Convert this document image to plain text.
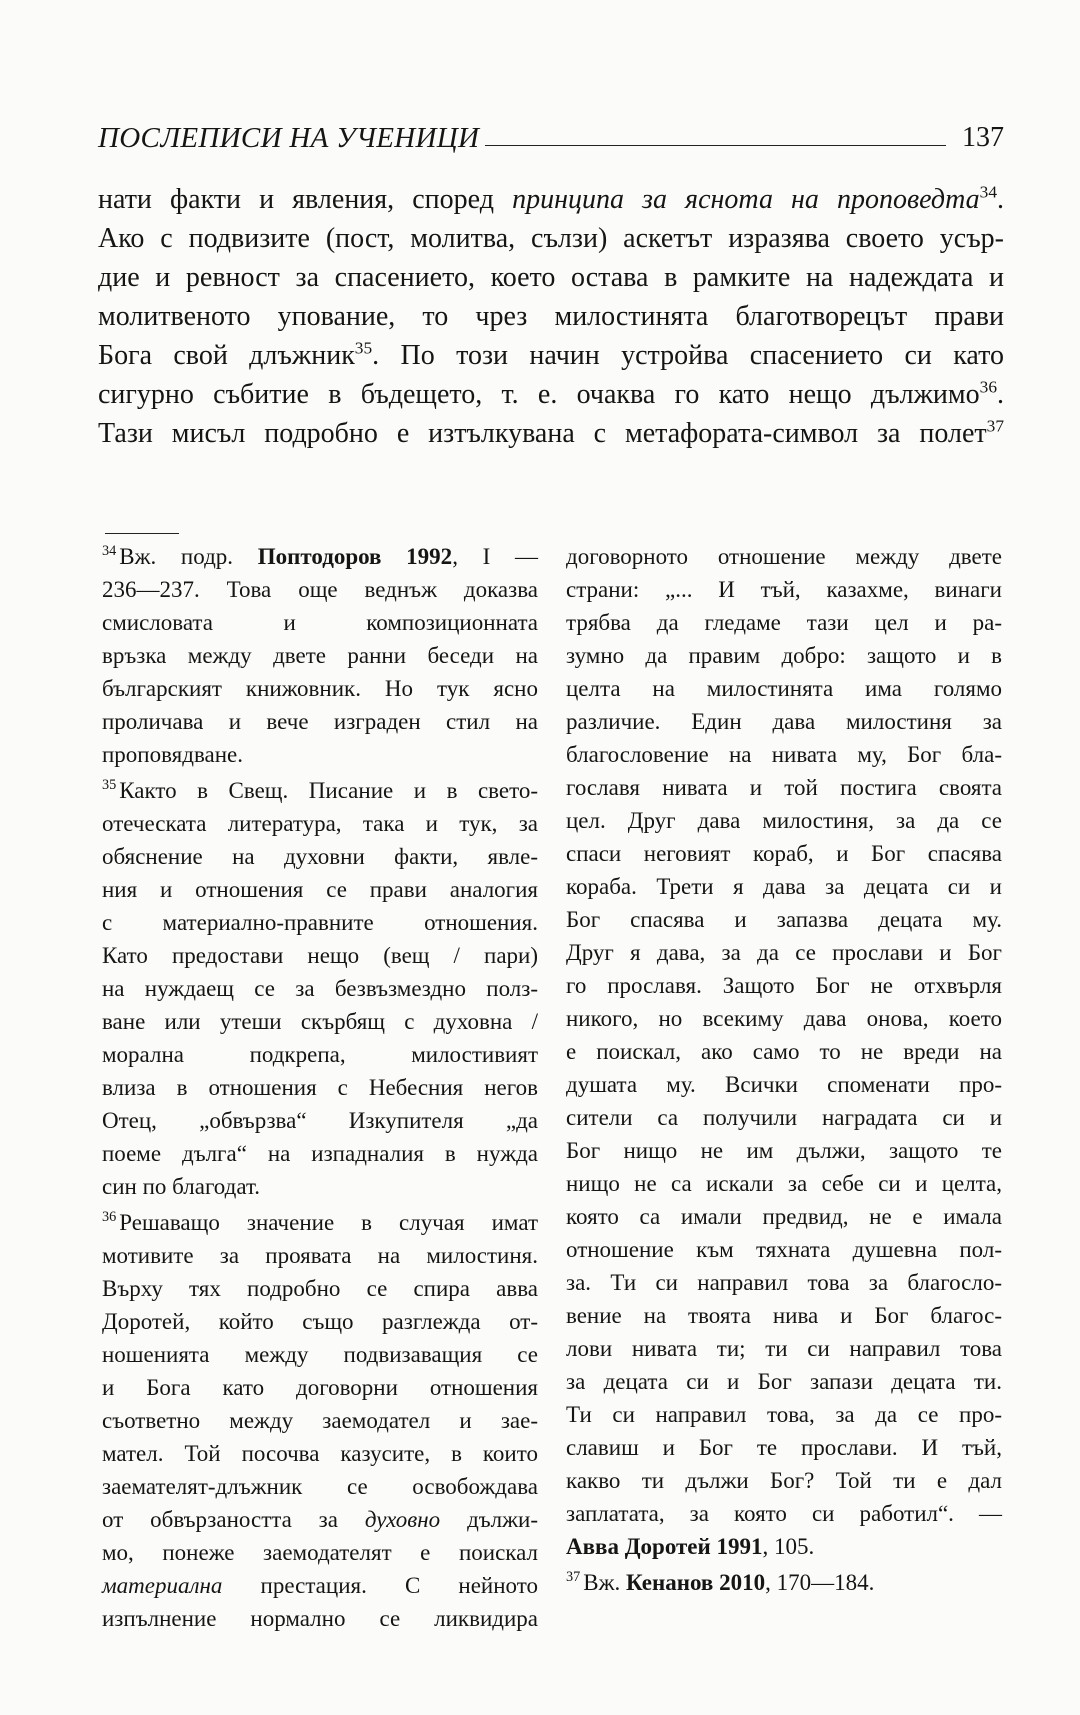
ПОСЛЕПИСИ НА УЧЕНИЦИ	137
нати факти и явления, според принципа за яснота на проповедта$^{34}$.
Ако с подвизите (пост, молитва, сълзи) аскетът изразява своето усър-
дие и ревност за спасението, което остава в рамките на надеждата и
молитвеното упование, то чрез милостинята благотворецът прави
Бога свой длъжник$^{35}$. По този начин устройва спасението си като
сигурно събитие в бъдещето, т. е. очаква го като нещо дължимо$^{36}$.
Тази мисъл подробно е изтълкувана с метафората-символ за полет$^{37}$
$^{34}$ Вж. подр. Поптодоров 1992, I —
236—237. Това още веднъж доказва
смисловата и композиционната
връзка между двете ранни беседи на
българският книжовник. Но тук ясно
проличава и вече изграден стил на
проповядване.
$^{35}$ Както в Свещ. Писание и в свето-
отеческата литература, така и тук, за
обяснение на духовни факти, явле-
ния и отношения се прави аналогия
с материално-правните отношения.
Като предостави нещо (вещ / пари)
на нуждаещ се за безвъзмездно полз-
ване или утеши скърбящ с духовна /
морална подкрепа, милостивият
влиза в отношения с Небесния негов
Отец, „обвързва“ Изкупителя „да
поеме дълга“ на изпадналия в нужда
син по благодат.
$^{36}$ Решаващо значение в случая имат
мотивите за проявата на милостиня.
Върху тях подробно се спира авва
Доротей, който също разглежда от-
ношенията между подвизаващия се
и Бога като договорни отношения
съответно между заемодател и зае-
мател. Той посочва казусите, в които
заемателят-длъжник се освобождава
от обвързаността за духовно дължи-
мо, понеже заемодателят е поискал
материална престация. С нейното
изпълнение нормално се ликвидира
договорното отношение между двете
страни: „... И тъй, казахме, винаги
трябва да гледаме тази цел и ра-
зумно да правим добро: защото и в
целта на милостинята има голямо
различие. Един дава милостиня за
благословение на нивата му, Бог бла-
гославя нивата и той постига своята
цел. Друг дава милостиня, за да се
спаси неговият кораб, и Бог спасява
кораба. Трети я дава за децата си и
Бог спасява и запазва децата му.
Друг я дава, за да се прослави и Бог
го прославя. Защото Бог не отхвърля
никого, но всекиму дава онова, което
е поискал, ако само то не вреди на
душата му. Всички споменати про-
сители са получили наградата си и
Бог нищо не им дължи, защото те
нищо не са искали за себе си и целта,
която са имали предвид, не е имала
отношение към тяхната душевна пол-
за. Ти си направил това за благосло-
вение на твоята нива и Бог благос-
лови нивата ти; ти си направил това
за децата си и Бог запази децата ти.
Ти си направил това, за да се про-
славиш и Бог те прослави. И тъй,
какво ти дължи Бог? Той ти е дал
заплатата, за която си работил“. —
Авва Доротей 1991, 105.
$^{37}$ Вж. Кенанов 2010, 170—184.
